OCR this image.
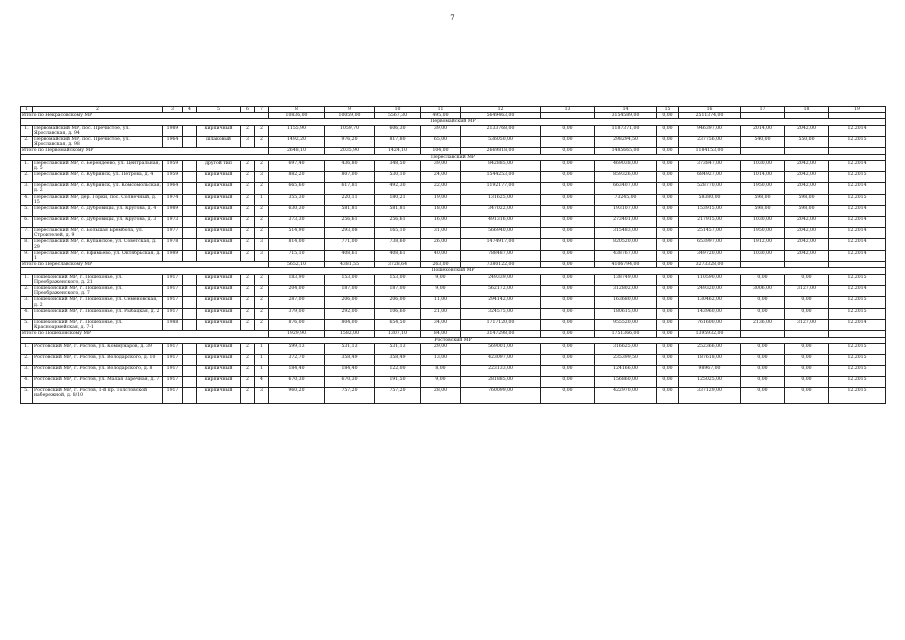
7
1	2	3	4	5	6	7	8	9	10	11	12	13	14	15	16	17	18	19
Итого по Некрасовскому МР							10836,00	10059,00	5567,30	495,00	5649463,00		3154589,00	0,00	2511374,00			
Первомайский МР																		
1.	Первомайский МР, пос. Пречистое, ул. Ярославская, д. 94	1989		кирпичный	2	2	1155,90	1059,70	606,30	39,00	2133768,00	0,00	1187371,00	0,00	946397,00	2014,00	2042,00	12.2014
2.	Первомайский МР, пос. Пречистое, ул. Ярославская, д. 98	1964		шлаковый	3	2	1492,20	976,20	817,80	65,00	536050,00	0,00	298294,50	0,00	237756,00	540,00	550,00	12.2015
Итого по Первомайскому МР							2648,10	2035,90	1424,10	104,00	2669818,00	0,00	1485665,00	0,00	1184153,00			
Переславский МР																		
1.	Переславский МР, с. Берендеево, ул. Центральная, д. 5	1959		другой тип	2	2	697,40	436,80	348,50	39,00	842885,00	0,00	469038,00	0,00	373847,00	1030,00	2042,00	12.2014
2.	Переславский МР, с. Кубринск, ул. Петрова, д. 4	1959		кирпичный	2	3	882,20	807,00	530,10	24,00	1544253,00	0,00	859326,00	0,00	684927,00	1014,00	2042,00	12.2015
3.	Переславский МР, с. Кубринск, ул. Комсомольская, д. 2	1964		кирпичный	2	2	665,60	617,81	492,30	22,00	1192177,00	0,00	663407,00	0,00	528770,00	1950,00	2042,00	12.2014
4.	Переславский МР, дер. Горки, пос. Солнечный, д. 15	1974		кирпичный	2	1	355,30	220,11	180,21	19,00	131625,00	0,00	73245,00	0,00	58380,00	598,00	598,00	12.2015
5.	Переславский МР, с. Дубровицы, ул. Кругова, д. 4	1989		кирпичный	2	2	630,30	581,81	581,81	18,00	347022,00	0,00	193107,00	0,00	153915,00	598,00	598,00	12.2014
6.	Переславский МР, с. Дубровицы, ул. Кругова, д. 3	1973		кирпичный	2	2	373,30	256,61	256,61	16,00	491316,00	0,00	273401,00	0,00	217915,00	1030,00	2042,00	12.2014
7.	Переславский МР, с. Большая Брембола, ул. Строителей, д. 9	1977		кирпичный	2	2	514,90	293,08	165,10	31,00	566940,00	0,00	315483,00	0,00	251457,00	1950,00	2042,00	12.2014
8.	Переславский МР, с. Купанское, ул. Советская, д. 29	1978		кирпичный	2	3	814,00	771,00	738,60	26,00	1474917,00	0,00	820520,00	0,00	653997,00	1912,00	2042,00	12.2014
9.	Переславский МР, с. Ефимьево, ул. Октябрьская, д. 1	1989		кирпичный	2	3	715,10	408,61	408,61	40,00	788487,00	0,00	438767,00	0,00	349720,00	1030,00	2042,00	12.2014
Итого по Переславскому МР							5652,10	4381,55	3728,64	263,00	7380122,00	0,00	4106794,00	0,00	3273328,00			
Пошехонский МР																		
1.	Пошехонский МР, г. Пошехонье, ул. Преображенского, д. 21	1917		кирпичный	2	2	183,90	153,00	153,00	9,00	249339,00	0,00	138749,00	0,00	110590,00	0,00	0,00	12.2015
2.	Пошехонский МР, г. Пошехонье, ул. Преображенского, д. 7	1917		кирпичный	2	2	204,00	187,00	187,00	9,00	562172,00	0,00	312802,00	0,00	249320,00	3006,00	3127,00	12.2014
3.	Пошехонский МР, г. Пошехонье, ул. Семеновская, д. 2	1917		кирпичный	2	2	287,00	206,00	206,00	11,00	294142,00	0,00	163680,00	0,00	130462,00	0,00	0,00	12.2015
4.	Пошехонский МР, г. Пошехонье, ул. Рыбацкая, д. 2	1917		кирпичный	2	2	379,00	292,00	106,60	21,00	324575,00	0,00	180615,00	0,00	143960,00	0,00	0,00	12.2015
5.	Пошехонский МР, г. Пошехонье, ул. Красноармейская, д. 7-1	1988		кирпичный	2	2	876,00	804,00	654,50	34,00	1717120,00	0,00	955520,00	0,00	761600,00	2136,00	3127,00	12.2014
Итого по Пошехонскому МР							1929,90	1582,00	1307,10	84,00	3147298,00	0,00	1751366,00	0,00	1395932,00			
Ростовский МР																		
1.	Ростовский МР, г. Ростов, ул. Коммунаров, д. 39	1917		кирпичный	2	1	599,13	531,13	531,13	29,00	569001,00	0,00	316625,00	0,00	252366,00	0,00	0,00	12.2015
2.	Ростовский МР, г. Ростов, ул. Володарского, д. 10	1917		кирпичный	2	1	372,70	358,49	358,49	13,00	423097,00	0,00	235399,50	0,00	187618,00	0,00	0,00	12.2015
3.	Ростовский МР, г. Ростов, ул. Володарского, д. 8	1917		кирпичный	2	1	184,40	184,40	122,00	8,00	223133,00	0,00	124166,00	0,00	98967,00	0,00	0,00	12.2015
4.	Ростовский МР, г. Ростов, ул. Малая Заречная, д. 7	1917		кирпичный	2	4	670,30	670,30	191,50	9,00	281885,00	0,00	156860,00	0,00	125025,00	0,00	0,00	12.2015
5.	Ростовский МР, г. Ростов, 1-й пр. Толстовской набережной, д. 8/10	1917		кирпичный	2	3	960,20	757,20	757,20	28,00	760099,00	0,00	422970,00	0,00	337129,00	0,00	0,00	12.2015
